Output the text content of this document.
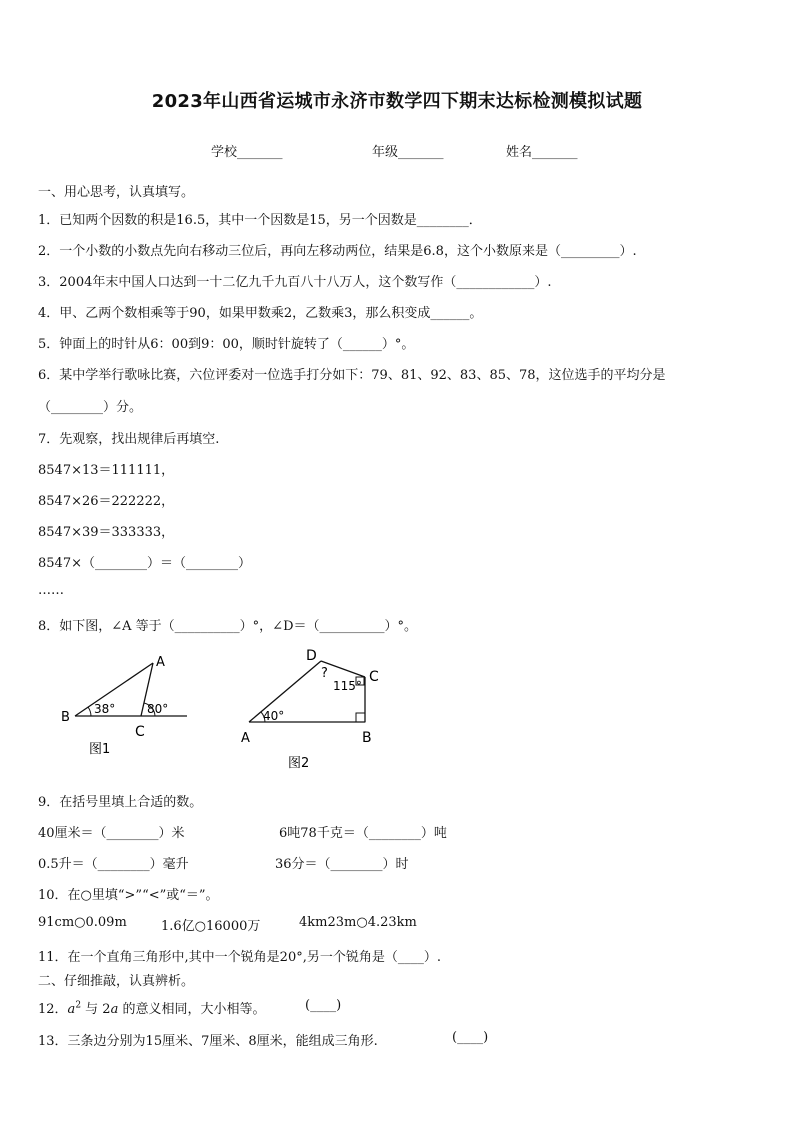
2023年山西省运城市永济市数学四下期末达标检测模拟试题
学校_______	年级_______	姓名_______
一、用心思考，认真填写。
1．已知两个因数的积是16.5，其中一个因数是15，另一个因数是________．
2．一个小数的小数点先向右移动三位后，再向左移动两位，结果是6.8，这个小数原来是（_________）.
3．2004年末中国人口达到一十二亿九千九百八十八万人，这个数写作（____________）.
4．甲、乙两个数相乘等于90，如果甲数乘2，乙数乘3，那么积变成______。
5．钟面上的时针从6：00到9：00，顺时针旋转了（______）°。
6．某中学举行歌咏比赛，六位评委对一位选手打分如下：79、81、92、83、85、78，这位选手的平均分是
（________）分。
7．先观察，找出规律后再填空.
8547×13＝111111，
8547×26＝222222，
8547×39＝333333，
8547×（________）＝（________）
……
8．如下图，∠A 等于（__________）°，∠D＝（__________）°。
A
B
C
38°	80°
图1
A	B
C
D
40°
115°
?
图2
9．在括号里填上合适的数。
40厘米＝（________）米	6吨78千克＝（________）吨
0.5升＝（________）毫升	36分＝（________）时
10．在○里填“>”“<”或“＝”。
91cm○0.09m	1.6亿○16000万	4km23m○4.23km
11．在一个直角三角形中,其中一个锐角是20°,另一个锐角是（____）.
二、仔细推敲，认真辨析。
12．$a^2$ 与 2a 的意义相同，大小相等。	(____)
13．三条边分别为15厘米、7厘米、8厘米，能组成三角形.	(____)
